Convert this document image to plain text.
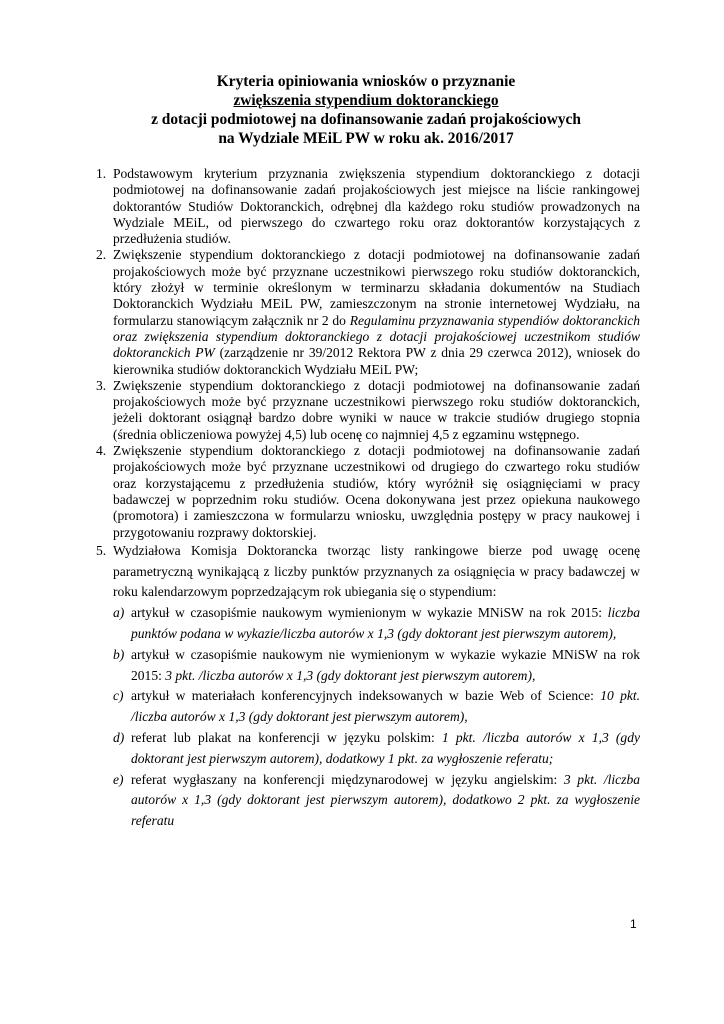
Kryteria opiniowania wniosków o przyznanie
zwiększenia stypendium doktoranckiego
z dotacji podmiotowej na dofinansowanie zadań projakościowych
na Wydziale MEiL PW w roku ak. 2016/2017
1. Podstawowym kryterium przyznania zwiększenia stypendium doktoranckiego z dotacji podmiotowej na dofinansowanie zadań projakościowych jest miejsce na liście rankingowej doktorantów Studiów Doktoranckich, odrębnej dla każdego roku studiów prowadzonych na Wydziale MEiL, od pierwszego do czwartego roku oraz doktorantów korzystających z przedłużenia studiów.
2. Zwiększenie stypendium doktoranckiego z dotacji podmiotowej na dofinansowanie zadań projakościowych może być przyznane uczestnikowi pierwszego roku studiów doktoranckich, który złożył w terminie określonym w terminarzu składania dokumentów na Studiach Doktoranckich Wydziału MEiL PW, zamieszczonym na stronie internetowej Wydziału, na formularzu stanowiącym załącznik nr 2 do Regulaminu przyznawania stypendiów doktoranckich oraz zwiększenia stypendium doktoranckiego z dotacji projakościowej uczestnikom studiów doktoranckich PW (zarządzenie nr 39/2012 Rektora PW z dnia 29 czerwca 2012), wniosek do kierownika studiów doktoranckich Wydziału MEiL PW;
3. Zwiększenie stypendium doktoranckiego z dotacji podmiotowej na dofinansowanie zadań projakościowych może być przyznane uczestnikowi pierwszego roku studiów doktoranckich, jeżeli doktorant osiągnął bardzo dobre wyniki w nauce w trakcie studiów drugiego stopnia (średnia obliczeniowa powyżej 4,5) lub ocenę co najmniej 4,5 z egzaminu wstępnego.
4. Zwiększenie stypendium doktoranckiego z dotacji podmiotowej na dofinansowanie zadań projakościowych może być przyznane uczestnikowi od drugiego do czwartego roku studiów oraz korzystającemu z przedłużenia studiów, który wyróżnił się osiągnięciami w pracy badawczej w poprzednim roku studiów. Ocena dokonywana jest przez opiekuna naukowego (promotora) i zamieszczona w formularzu wniosku, uwzględnia postępy w pracy naukowej i przygotowaniu rozprawy doktorskiej.
5. Wydziałowa Komisja Doktorancka tworząc listy rankingowe bierze pod uwagę ocenę parametryczną wynikającą z liczby punktów przyznanych za osiągnięcia w pracy badawczej w roku kalendarzowym poprzedzającym rok ubiegania się o stypendium:
a) artykuł w czasopiśmie naukowym wymienionym w wykazie MNiSW na rok 2015: liczba punktów podana w wykazie/liczba autorów x 1,3 (gdy doktorant jest pierwszym autorem),
b) artykuł w czasopiśmie naukowym nie wymienionym w wykazie wykazie MNiSW na rok 2015: 3 pkt. /liczba autorów x 1,3 (gdy doktorant jest pierwszym autorem),
c) artykuł w materiałach konferencyjnych indeksowanych w bazie Web of Science: 10 pkt. /liczba autorów x 1,3 (gdy doktorant jest pierwszym autorem),
d) referat lub plakat na konferencji w języku polskim: 1 pkt. /liczba autorów x 1,3 (gdy doktorant jest pierwszym autorem), dodatkowy 1 pkt. za wygłoszenie referatu;
e) referat wygłaszany na konferencji międzynarodowej w języku angielskim: 3 pkt. /liczba autorów x 1,3 (gdy doktorant jest pierwszym autorem), dodatkowo 2 pkt. za wygłoszenie referatu
1
